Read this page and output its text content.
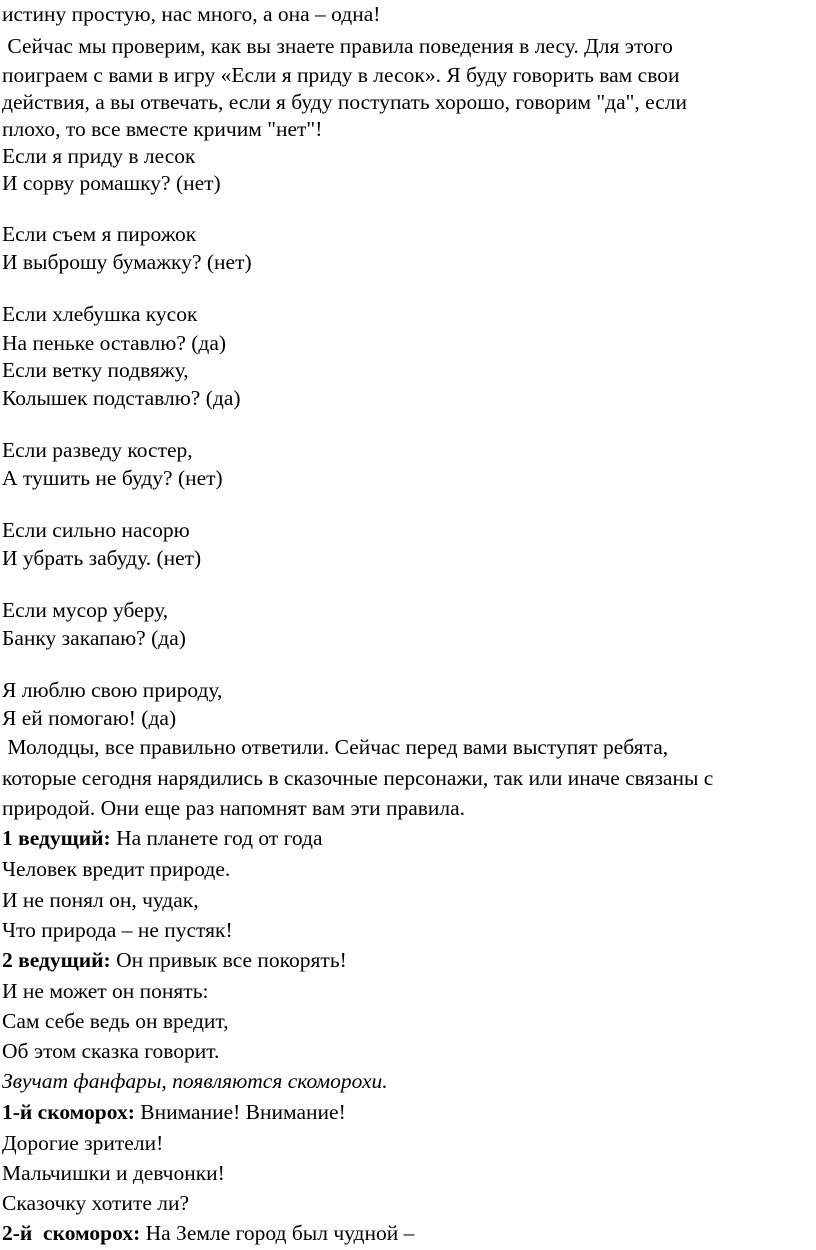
истину простую, нас много, а она – одна!

Сейчас мы проверим, как вы знаете правила поведения в лесу. Для этого

поиграем с вами в игру «Если я приду в лесок». Я буду говорить вам свои

действия, а вы отвечать, если я буду поступать хорошо, говорим "да", если

плохо, то все вместе кричим "нет"!

Если я приду в лесок

И сорву ромашку? (нет)

Если съем я пирожок

И выброшу бумажку? (нет)

Если хлебушка кусок

На пеньке оставлю? (да)

Если ветку подвяжу,

Колышек подставлю? (да)

Если разведу костер,

А тушить не буду? (нет)

Если сильно насорю

И убрать забуду. (нет)

Если мусор уберу,

Банку закапаю? (да)

Я люблю свою природу,

Я ей помогаю! (да)

Молодцы, все правильно ответили. Сейчас перед вами выступят ребята,

которые сегодня нарядились в сказочные персонажи, так или иначе связаны с

природой. Они еще раз напомнят вам эти правила.

1 ведущий: На планете год от года

Человек вредит природе.

И не понял он, чудак,

Что природа – не пустяк!

2 ведущий: Он привык все покорять!

И не может он понять:

Сам себе ведь он вредит,

Об этом сказка говорит.

Звучат фанфары, появляются скоморохи.

1-й скоморох: Внимание! Внимание!

Дорогие зрители!

Мальчишки и девчонки!

Сказочку хотите ли?

2-й  скоморох: На Земле город был чудной –
